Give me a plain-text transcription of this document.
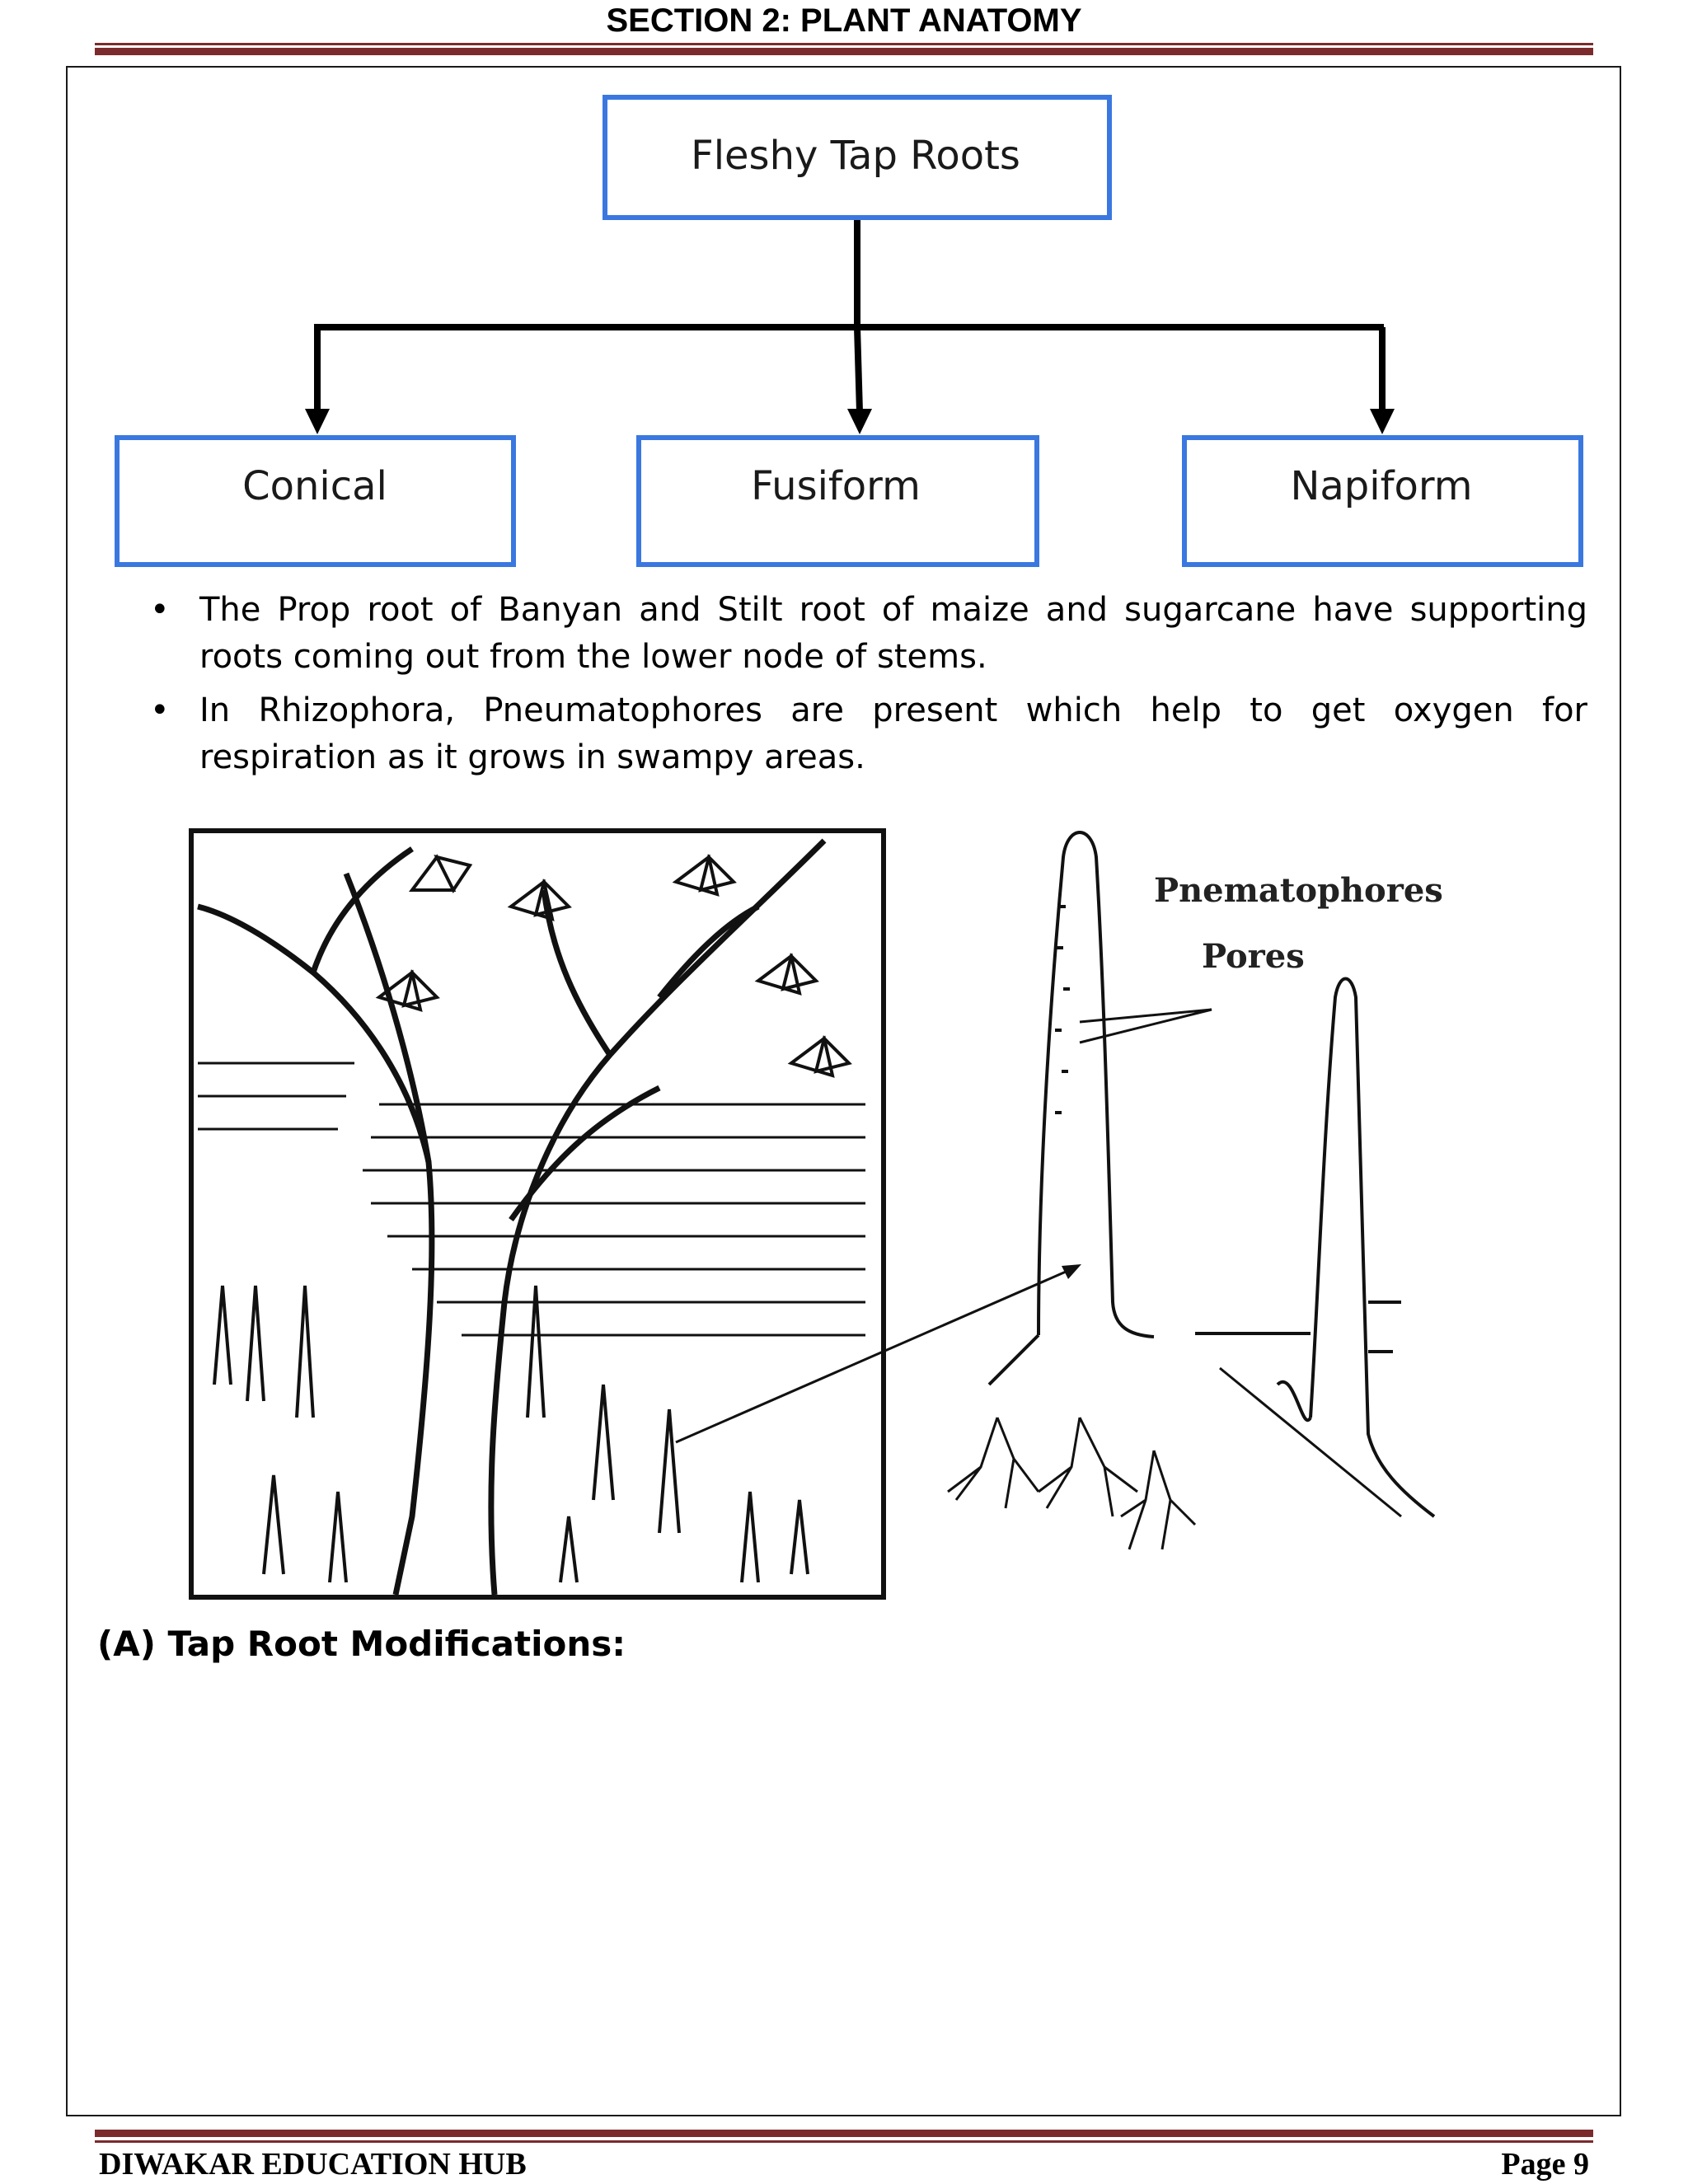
SECTION 2: PLANT ANATOMY
Fleshy Tap Roots
Conical	Fusiform	Napiform
• The Prop root of Banyan and Stilt root of maize and sugarcane have supporting roots coming out from the lower node of stems.
• In Rhizophora, Pneumatophores are present which help to get oxygen for respiration as it grows in swampy areas.
Pnematophores
Pores
(A) Tap Root Modifications:
DIWAKAR EDUCATION HUB	Page 9
